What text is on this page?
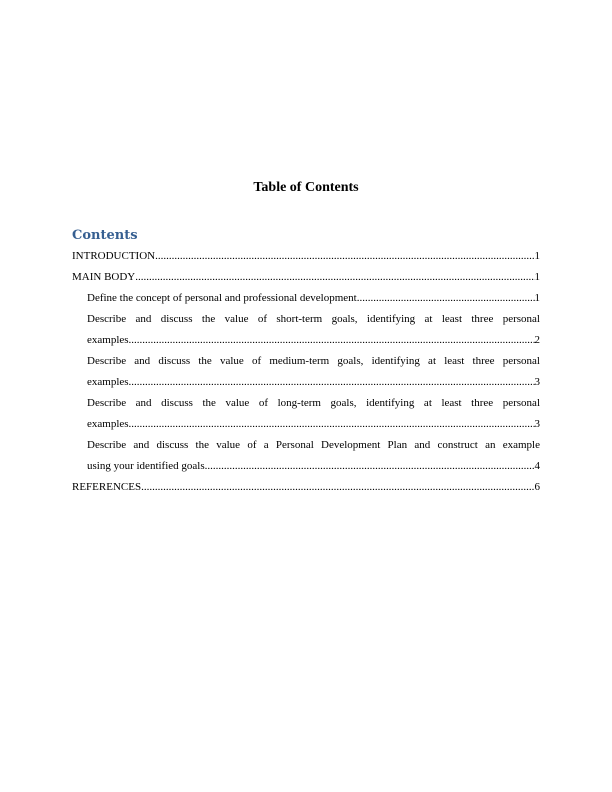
Table of Contents
Contents
INTRODUCTION .....	1
MAIN BODY .....	1
Define the concept of personal and professional development .....	1
Describe and discuss the value of short-term goals, identifying at least three personal
examples .....	2
Describe and discuss the value of medium-term goals, identifying at least three personal
examples .....	3
Describe and discuss the value of long-term goals, identifying at least three personal
examples .....	3
Describe and discuss the value of a Personal Development Plan and construct an example
using your identified goals .....	4
REFERENCES .....	6
